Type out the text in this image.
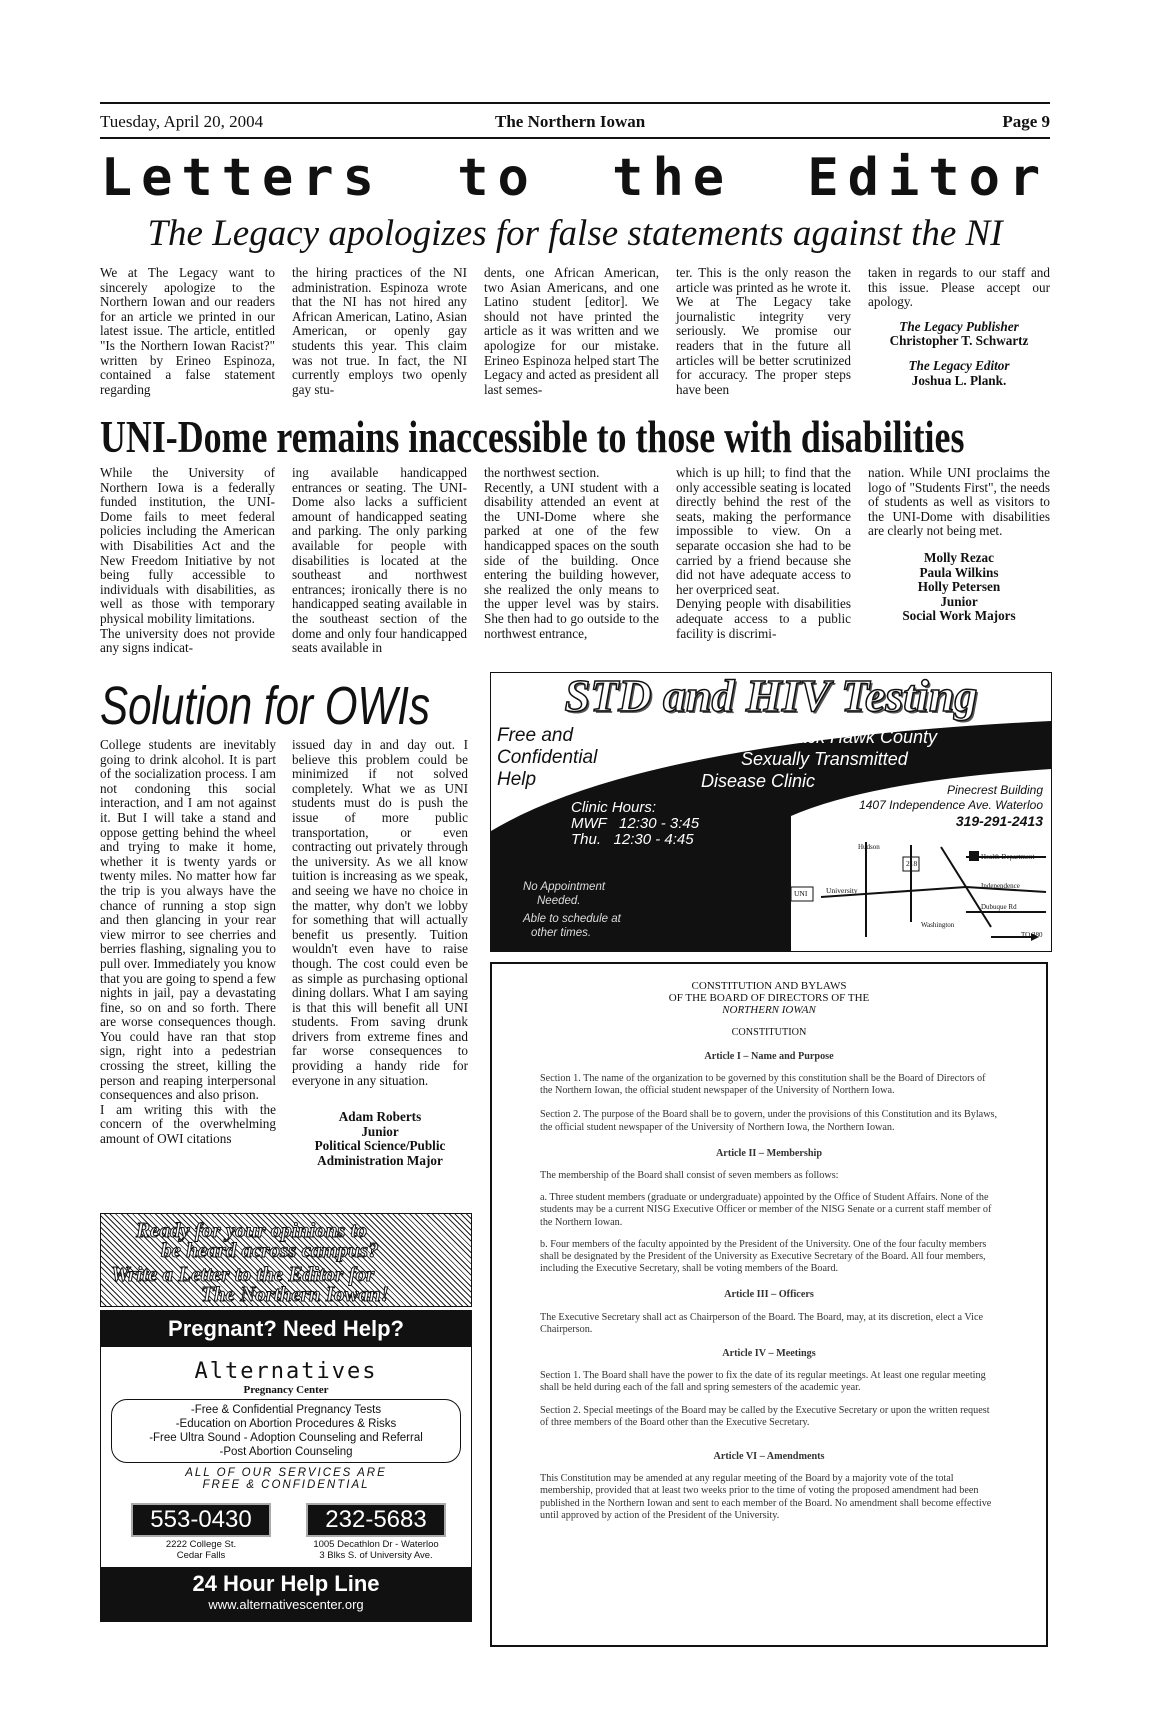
Tuesday, April 20, 2004	The Northern Iowan	Page 9
Letters to the Editor
The Legacy apologizes for false statements against the NI
We at The Legacy want to sincerely apologize to the Northern Iowan and our readers for an article we printed in our latest issue. The article, entitled "Is the Northern Iowan Racist?" written by Erineo Espinoza, contained a false statement regarding
the hiring practices of the NI administration. Espinoza wrote that the NI has not hired any African American, Latino, Asian American, or openly gay students this year. This claim was not true. In fact, the NI currently employs two openly gay stu-
dents, one African American, two Asian Americans, and one Latino student [editor]. We should not have printed the article as it was written and we apologize for our mistake. Erineo Espinoza helped start The Legacy and acted as president all last semes-
ter. This is the only reason the article was printed as he wrote it. We at The Legacy take journalistic integrity very seriously. We promise our readers that in the future all articles will be better scrutinized for accuracy. The proper steps have been

taken in regards to our staff and this issue. Please accept our apology.

The Legacy Publisher

Christopher T. Schwartz

The Legacy Editor

Joshua L. Plank.

UNI-Dome remains inaccessible to those with disabilities

While the University of Northern Iowa is a federally funded institution, the UNI-Dome fails to meet federal policies including the American with Disabilities Act and the New Freedom Initiative by not being fully accessible to individuals with disabilities, as well as those with temporary physical mobility limitations.

The university does not provide any signs indicat-

ing available handicapped entrances or seating. The UNI-Dome also lacks a sufficient amount of handicapped seating and parking. The only parking available for people with disabilities is located at the southeast and northwest entrances; ironically there is no handicapped seating available in the southeast section of the dome and only four handicapped seats available in

the northwest section.

Recently, a UNI student with a disability attended an event at the UNI-Dome where she parked at one of the few handicapped spaces on the south side of the building. Once entering the building however, she realized the only means to the upper level was by stairs. She then had to go outside to the northwest entrance,

which is up hill; to find that the only accessible seating is located directly behind the rest of the seats, making the performance impossible to view. On a separate occasion she had to be carried by a friend because she did not have adequate access to her overpriced seat.

Denying people with disabilities adequate access to a public facility is discrimi-

nation. While UNI proclaims the logo of "Students First", the needs of students as well as visitors to the UNI-Dome with disabilities are clearly not being met.

Molly Rezac

Paula Wilkins

Holly Petersen

Junior

Social Work Majors

Solution for OWIs

College students are inevitably going to drink alcohol. It is part of the socialization process. I am not condoning this social interaction, and I am not against it. But I will take a stand and oppose getting behind the wheel and trying to make it home, whether it is twenty yards or twenty miles. No matter how far the trip is you always have the chance of running a stop sign and then glancing in your rear view mirror to see cherries and berries flashing, signaling you to pull over. Immediately you know that you are going to spend a few nights in jail, pay a devastating fine, so on and so forth. There are worse consequences though. You could have ran that stop sign, right into a pedestrian crossing the street, killing the person and reaping interpersonal consequences and also prison.

I am writing this with the concern of the overwhelming amount of OWI citations

issued day in and day out. I believe this problem could be minimized if not solved completely. What we as UNI students must do is push the issue of more public transportation, or even contracting out privately through the university. As we all know tuition is increasing as we speak, and seeing we have no choice in the matter, why don't we lobby for something that will actually benefit us presently. Tuition wouldn't even have to raise though. The cost could even be as simple as purchasing optional dining dollars. What I am saying is that this will benefit all UNI students. From saving drunk drivers from extreme fines and far worse consequences to providing a handy ride for everyone in any situation.

Adam Roberts

Junior

Political Science/Public

Administration Major

STD and HIV Testing
Free and
Confidential
Help
Black Hawk County
Sexually Transmitted
Disease Clinic
Clinic Hours:
MWF   12:30 - 3:45
Thu.   12:30 - 4:45
No Appointment
Needed.
Able to schedule at
other times.
Pinecrest Building
1407 Independence Ave. Waterloo
319-291-2413
UNI University
218
Health Department
Independence
Dubuque Rd
TO 380
Hudson
Washington
Ready for your opinions to
be heard across campus?
Write a Letter to the Editor for
The Northern Iowan!
Pregnant? Need Help?
Alternatives
Pregnancy Center
-Free & Confidential Pregnancy Tests
-Education on Abortion Procedures & Risks
-Free Ultra Sound - Adoption Counseling and Referral
-Post Abortion Counseling
ALL OF OUR SERVICES ARE
FREE & CONFIDENTIAL
553-0430
2222 College St.
Cedar Falls
232-5683
1005 Decathlon Dr - Waterloo
3 Blks S. of University Ave.
24 Hour Help Line
www.alternativescenter.org

CONSTITUTION AND BYLAWS

OF THE BOARD OF DIRECTORS OF THE

NORTHERN IOWAN

CONSTITUTION

Article I – Name and Purpose

Section 1. The name of the organization to be governed by this constitution shall be the Board of Directors of the Northern Iowan, the official student newspaper of the University of Northern Iowa.

Section 2. The purpose of the Board shall be to govern, under the provisions of this Constitution and its Bylaws, the official student newspaper of the University of Northern Iowa, the Northern Iowan.

Article II – Membership

The membership of the Board shall consist of seven members as follows:

a. Three student members (graduate or undergraduate) appointed by the Office of Student Affairs. None of the students may be a current NISG Executive Officer or member of the NISG Senate or a current staff member of the Northern Iowan.

b. Four members of the faculty appointed by the President of the University. One of the four faculty members shall be designated by the President of the University as Executive Secretary of the Board. All four members, including the Executive Secretary, shall be voting members of the Board.

Article III – Officers

The Executive Secretary shall act as Chairperson of the Board. The Board, may, at its discretion, elect a Vice Chairperson.

Article IV – Meetings

Section 1. The Board shall have the power to fix the date of its regular meetings. At least one regular meeting shall be held during each of the fall and spring semesters of the academic year.

Section 2. Special meetings of the Board may be called by the Executive Secretary or upon the written request of three members of the Board other than the Executive Secretary.

Article VI – Amendments

This Constitution may be amended at any regular meeting of the Board by a majority vote of the total membership, provided that at least two weeks prior to the time of voting the proposed amendment had been published in the Northern Iowan and sent to each member of the Board. No amendment shall become effective until approved by action of the President of the University.
